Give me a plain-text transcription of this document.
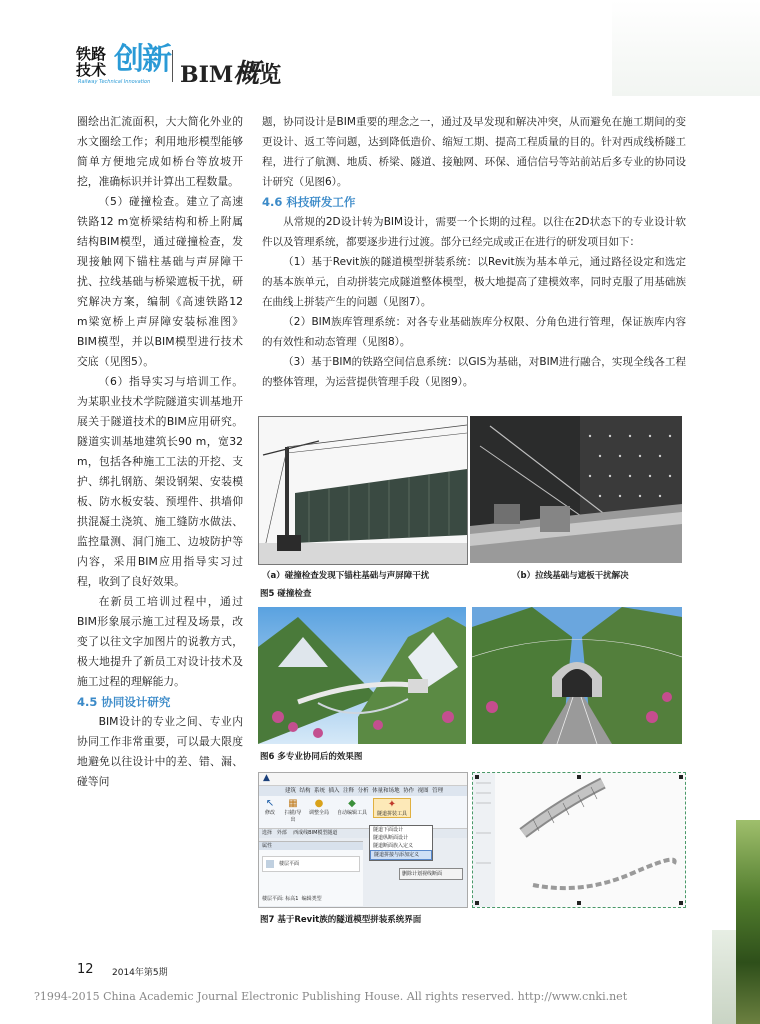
铁路
技术 创新
Railway Technical Innovation BIM概览

圈绘出汇流面积，大大简化外业的水文圈绘工作；利用地形模型能够简单方便地完成如桥台等放坡开挖，准确标识并计算出工程数量。

（5）碰撞检查。建立了高速铁路12 m宽桥梁结构和桥上附属结构BIM模型，通过碰撞检查，发现接触网下锚柱基础与声屏障干扰、拉线基础与桥梁遮板干扰，研究解决方案，编制《高速铁路12 m梁宽桥上声屏障安装标准图》BIM模型，并以BIM模型进行技术交底（见图5）。

（6）指导实习与培训工作。为某职业技术学院隧道实训基地开展关于隧道技术的BIM应用研究。隧道实训基地建筑长90 m，宽32 m，包括各种施工工法的开挖、支护、绑扎钢筋、架设钢架、安装模板、防水板安装、预埋件、拱墙仰拱混凝土浇筑、施工缝防水做法、监控量测、洞门施工、边坡防护等内容，采用BIM应用指导实习过程，收到了良好效果。

在新员工培训过程中，通过BIM形象展示施工过程及场景，改变了以往文字加图片的说教方式，极大地提升了新员工对设计技术及施工过程的理解能力。

4.5 协同设计研究

BIM设计的专业之间、专业内协同工作非常重要，可以最大限度地避免以往设计中的差、错、漏、碰等问

题，协同设计是BIM重要的理念之一，通过及早发现和解决冲突，从而避免在施工期间的变更设计、返工等问题，达到降低造价、缩短工期、提高工程质量的目的。针对西成线桥隧工程，进行了航测、地质、桥梁、隧道、接触网、环保、通信信号等站前站后多专业的协同设计研究（见图6）。

4.6 科技研发工作

从常规的2D设计转为BIM设计，需要一个长期的过程。以往在2D状态下的专业设计软件以及管理系统，都要逐步进行过渡。部分已经完成或正在进行的研发项目如下：

（1）基于Revit族的隧道模型拼装系统：以Revit族为基本单元，通过路径设定和选定的基本族单元，自动拼装完成隧道整体模型，极大地提高了建模效率，同时克服了用基础族在曲线上拼装产生的问题（见图7）。

（2）BIM族库管理系统：对各专业基础族库分权限、分角色进行管理，保证族库内容的有效性和动态管理（见图8）。

（3）基于BIM的铁路空间信息系统：以GIS为基础，对BIM进行融合，实现全线各工程的整体管理，为运营提供管理手段（见图9）。

（a）碰撞检查发现下锚柱基础与声屏障干扰	（b）拉线基础与遮板干扰解决
图5 碰撞检查
图6 多专业协同后的效果图
▲
建筑 结构 系统 插入 注释 分析 体量和场地 协作 视图 管理
↖
修改
▦
扫描/导出
●
调整全局
◆
自动编辑工具
✦
隧道拼装工具
选择 外部 西成线BIM模型隧道	隧道下面设计
隧道纵断面设计
隧道断面族入定义
隧道拼接与添加定义
删除计划视线断面
属性
楼层平面
楼层平面: 标高1 编辑类型
图7 基于Revit族的隧道模型拼装系统界面
12 2014年第5期
?1994-2015 China Academic Journal Electronic Publishing House. All rights reserved. http://www.cnki.net
